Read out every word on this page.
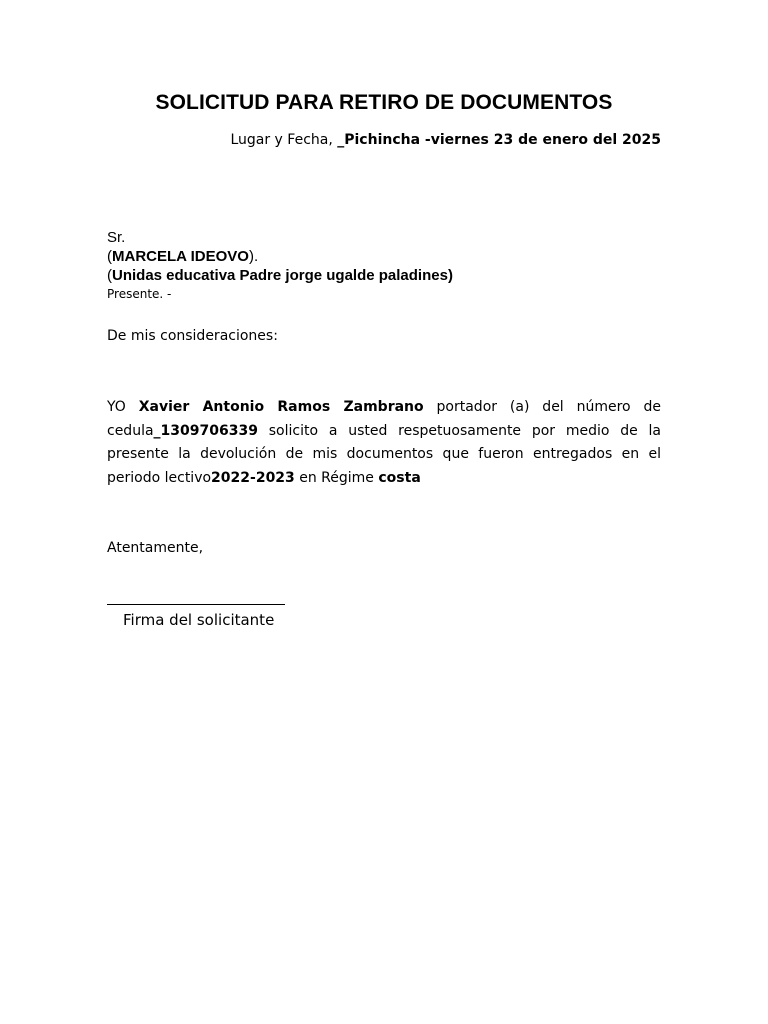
SOLICITUD PARA RETIRO DE DOCUMENTOS
Lugar y Fecha, _Pichincha -viernes 23 de enero del 2025
Sr.
(MARCELA IDEOVO).
(Unidas educativa Padre jorge ugalde paladines)
Presente. -
De mis consideraciones:
YO Xavier Antonio Ramos Zambrano portador (a) del número de cedula_1309706339 solicito a usted respetuosamente por medio de la presente la devolución de mis documentos que fueron entregados en el periodo lectivo2022-2023 en Régime costa
Atentamente,
Firma del solicitante
